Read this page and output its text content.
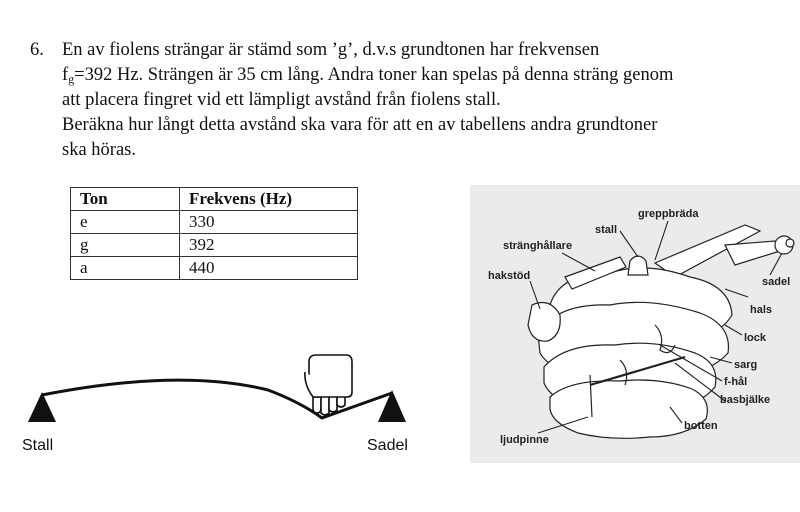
6. En av fiolens strängar är stämd som ’g’, d.v.s grundtonen har frekvensen
$f_g=392$ Hz. Strängen är 35 cm lång. Andra toner kan spelas på denna sträng genom
att placera fingret vid ett lämpligt avstånd från fiolens stall.
Beräkna hur långt detta avstånd ska vara för att en av tabellens andra grundtoner
ska höras.
Ton	Frekvens (Hz)
e	330
g	392
a	440
Stall	Sadel
greppbräda
stall
stränghållare
hakstöd	sadel
hals
lock
sarg
f-hål
basbjälke
botten
ljudpinne
